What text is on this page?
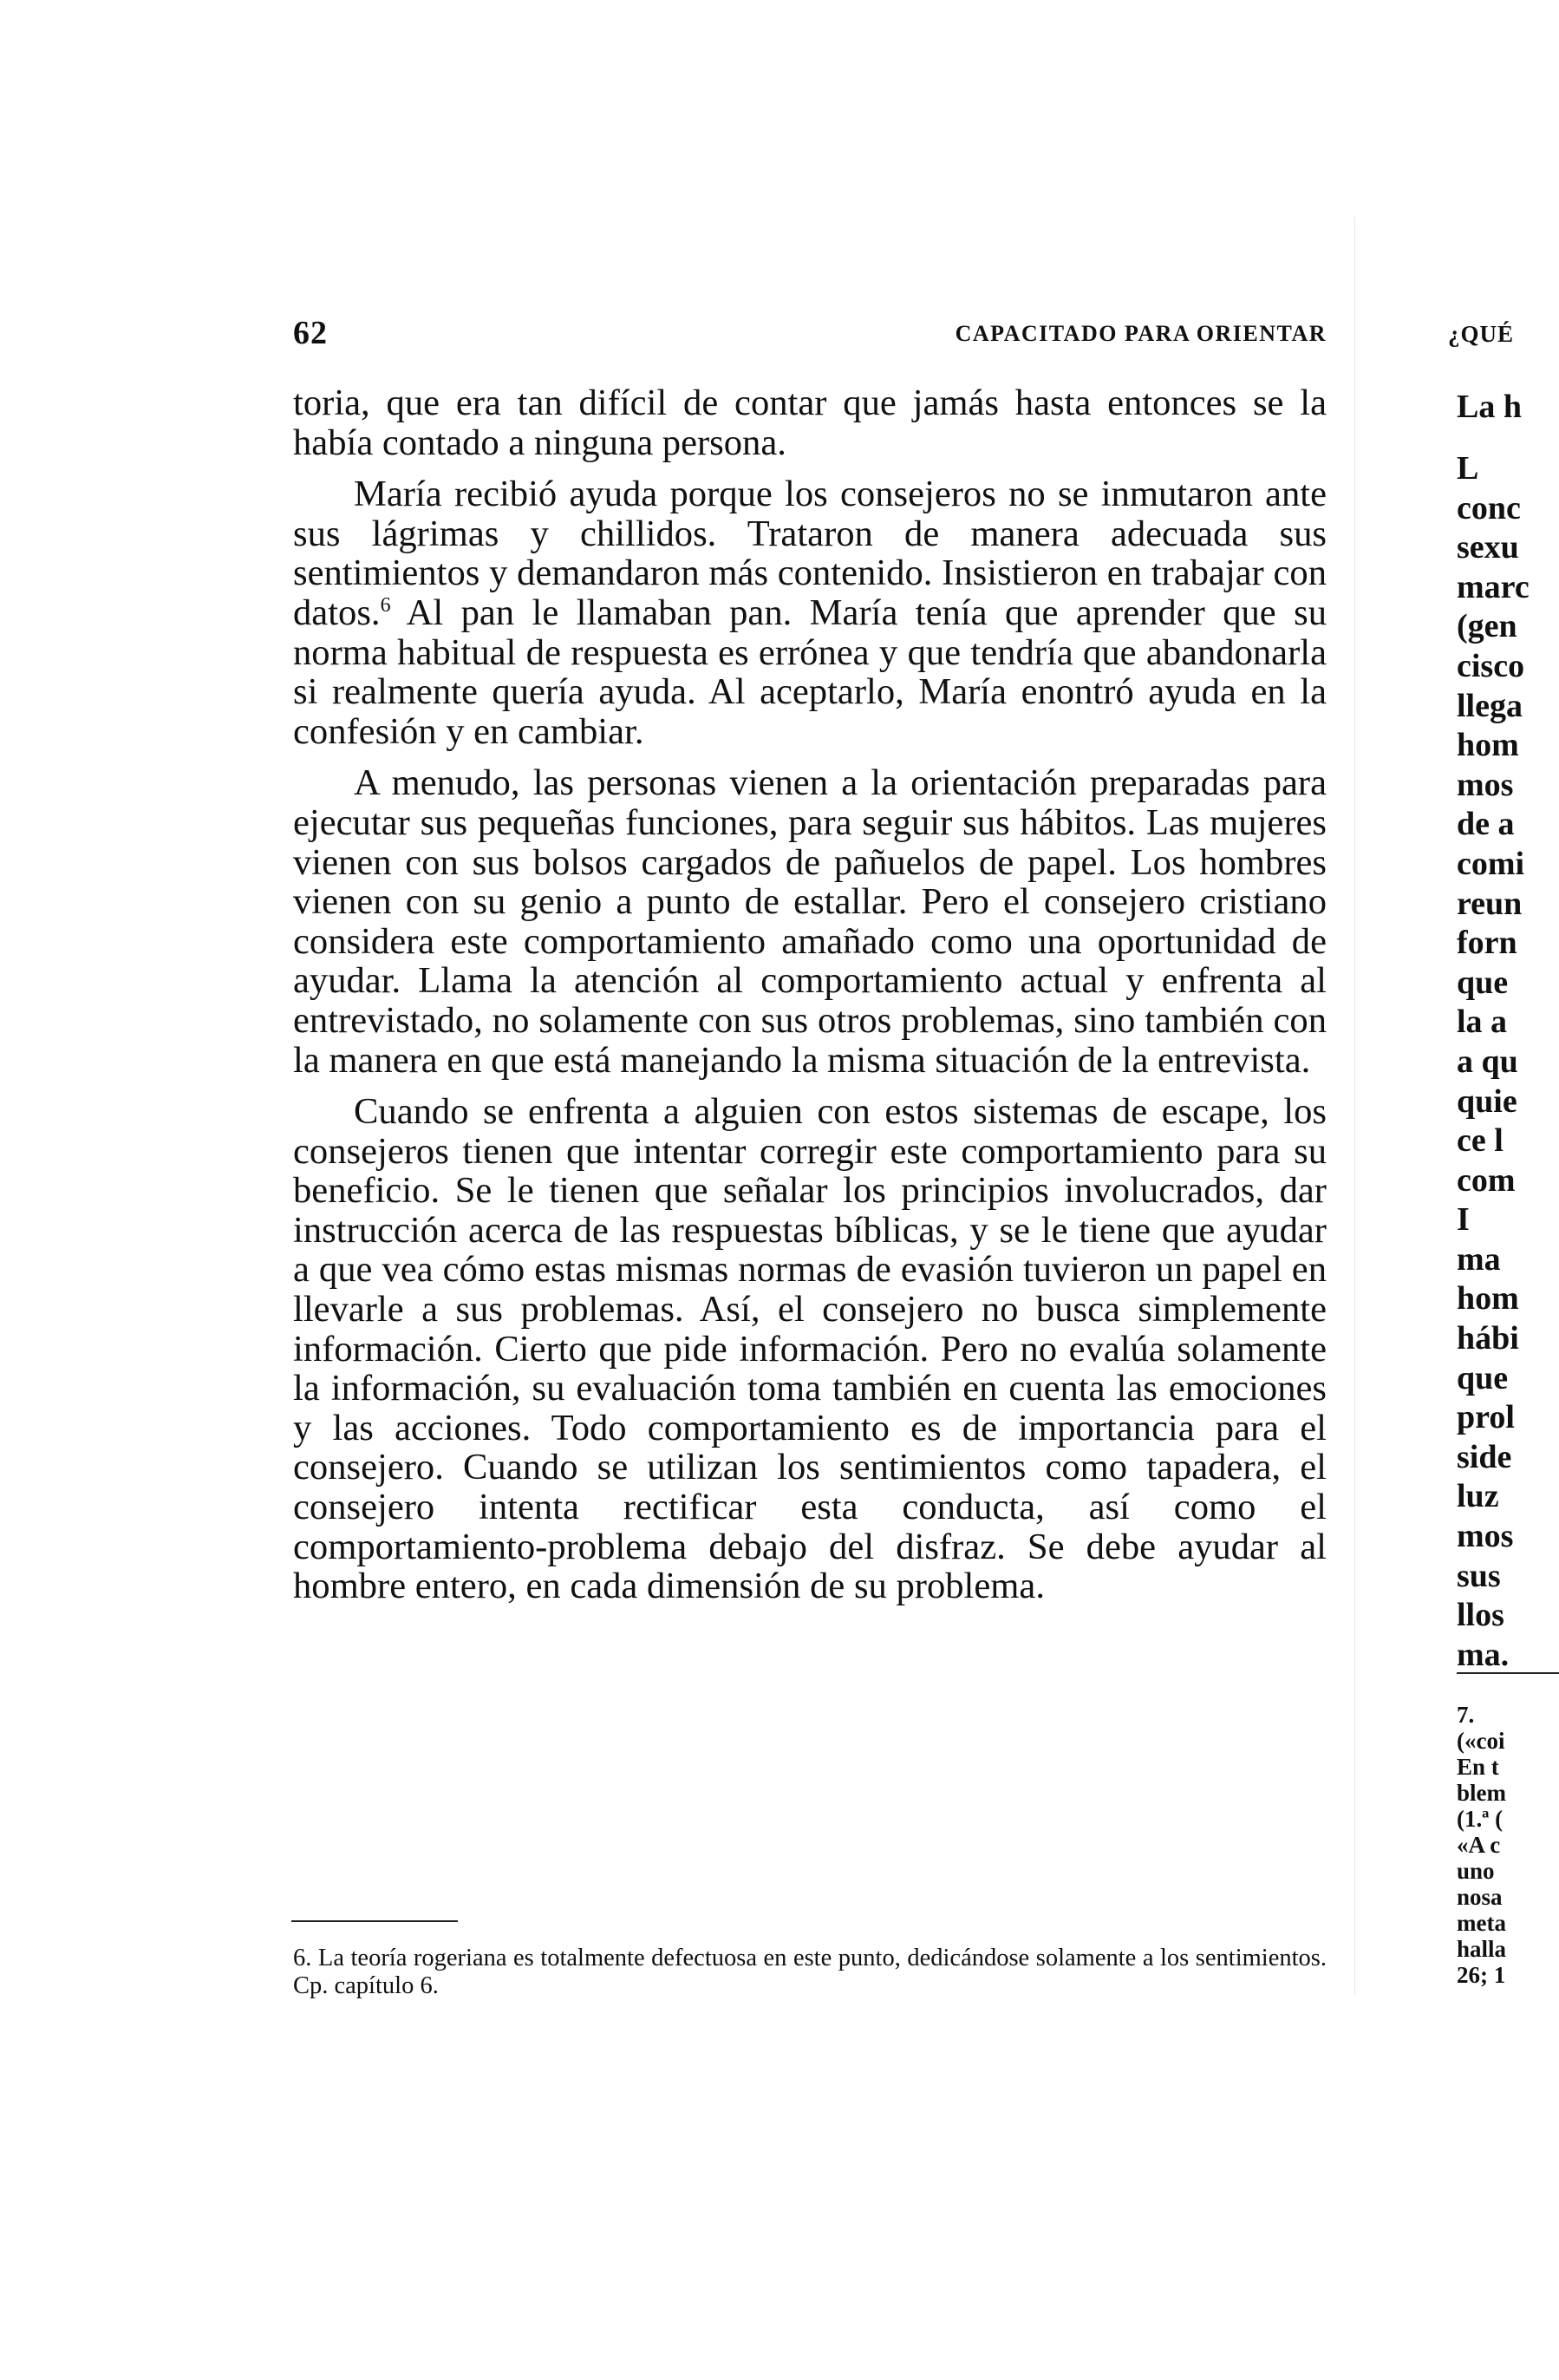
62	CAPACITADO PARA ORIENTAR

toria, que era tan difícil de contar que jamás hasta entonces se la había contado a ninguna persona.

María recibió ayuda porque los consejeros no se inmutaron ante sus lágrimas y chillidos. Trataron de manera adecuada sus sentimientos y demandaron más contenido. Insistieron en trabajar con datos.$^6$ Al pan le llamaban pan. María tenía que aprender que su norma habitual de respuesta es errónea y que tendría que abandonarla si realmente quería ayuda. Al aceptarlo, María enontró ayuda en la confesión y en cambiar.

A menudo, las personas vienen a la orientación preparadas para ejecutar sus pequeñas funciones, para seguir sus hábitos. Las mujeres vienen con sus bolsos cargados de pañuelos de papel. Los hombres vienen con su genio a punto de estallar. Pero el consejero cristiano considera este comportamiento amañado como una oportunidad de ayudar. Llama la atención al comportamiento actual y enfrenta al entrevistado, no solamente con sus otros problemas, sino también con la manera en que está manejando la misma situación de la entrevista.

Cuando se enfrenta a alguien con estos sistemas de escape, los consejeros tienen que intentar corregir este comportamiento para su beneficio. Se le tienen que señalar los principios involucrados, dar instrucción acerca de las respuestas bíblicas, y se le tiene que ayudar a que vea cómo estas mismas normas de evasión tuvieron un papel en llevarle a sus problemas. Así, el consejero no busca simplemente información. Cierto que pide información. Pero no evalúa solamente la información, su evaluación toma también en cuenta las emociones y las acciones. Todo comportamiento es de importancia para el consejero. Cuando se utilizan los sentimientos como tapadera, el consejero intenta rectificar esta conducta, así como el comportamiento-problema debajo del disfraz. Se debe ayudar al hombre entero, en cada dimensión de su problema.

6. La teoría rogeriana es totalmente defectuosa en este punto, dedicándose solamente a los sentimientos. Cp. capítulo 6.
¿QUÉ
La h
L
conc
sexu
marc
(gen
cisco
llega
hom
mos
de a
comi
reun
forn
que
la a
a qu
quie
ce l
com
I
ma
hom
hábi
que
prol
side
luz
mos
sus
llos
ma.
7.
(«coi
En t
blem
(1.ª (
«A c
uno
nosa
meta
halla
26; 1
